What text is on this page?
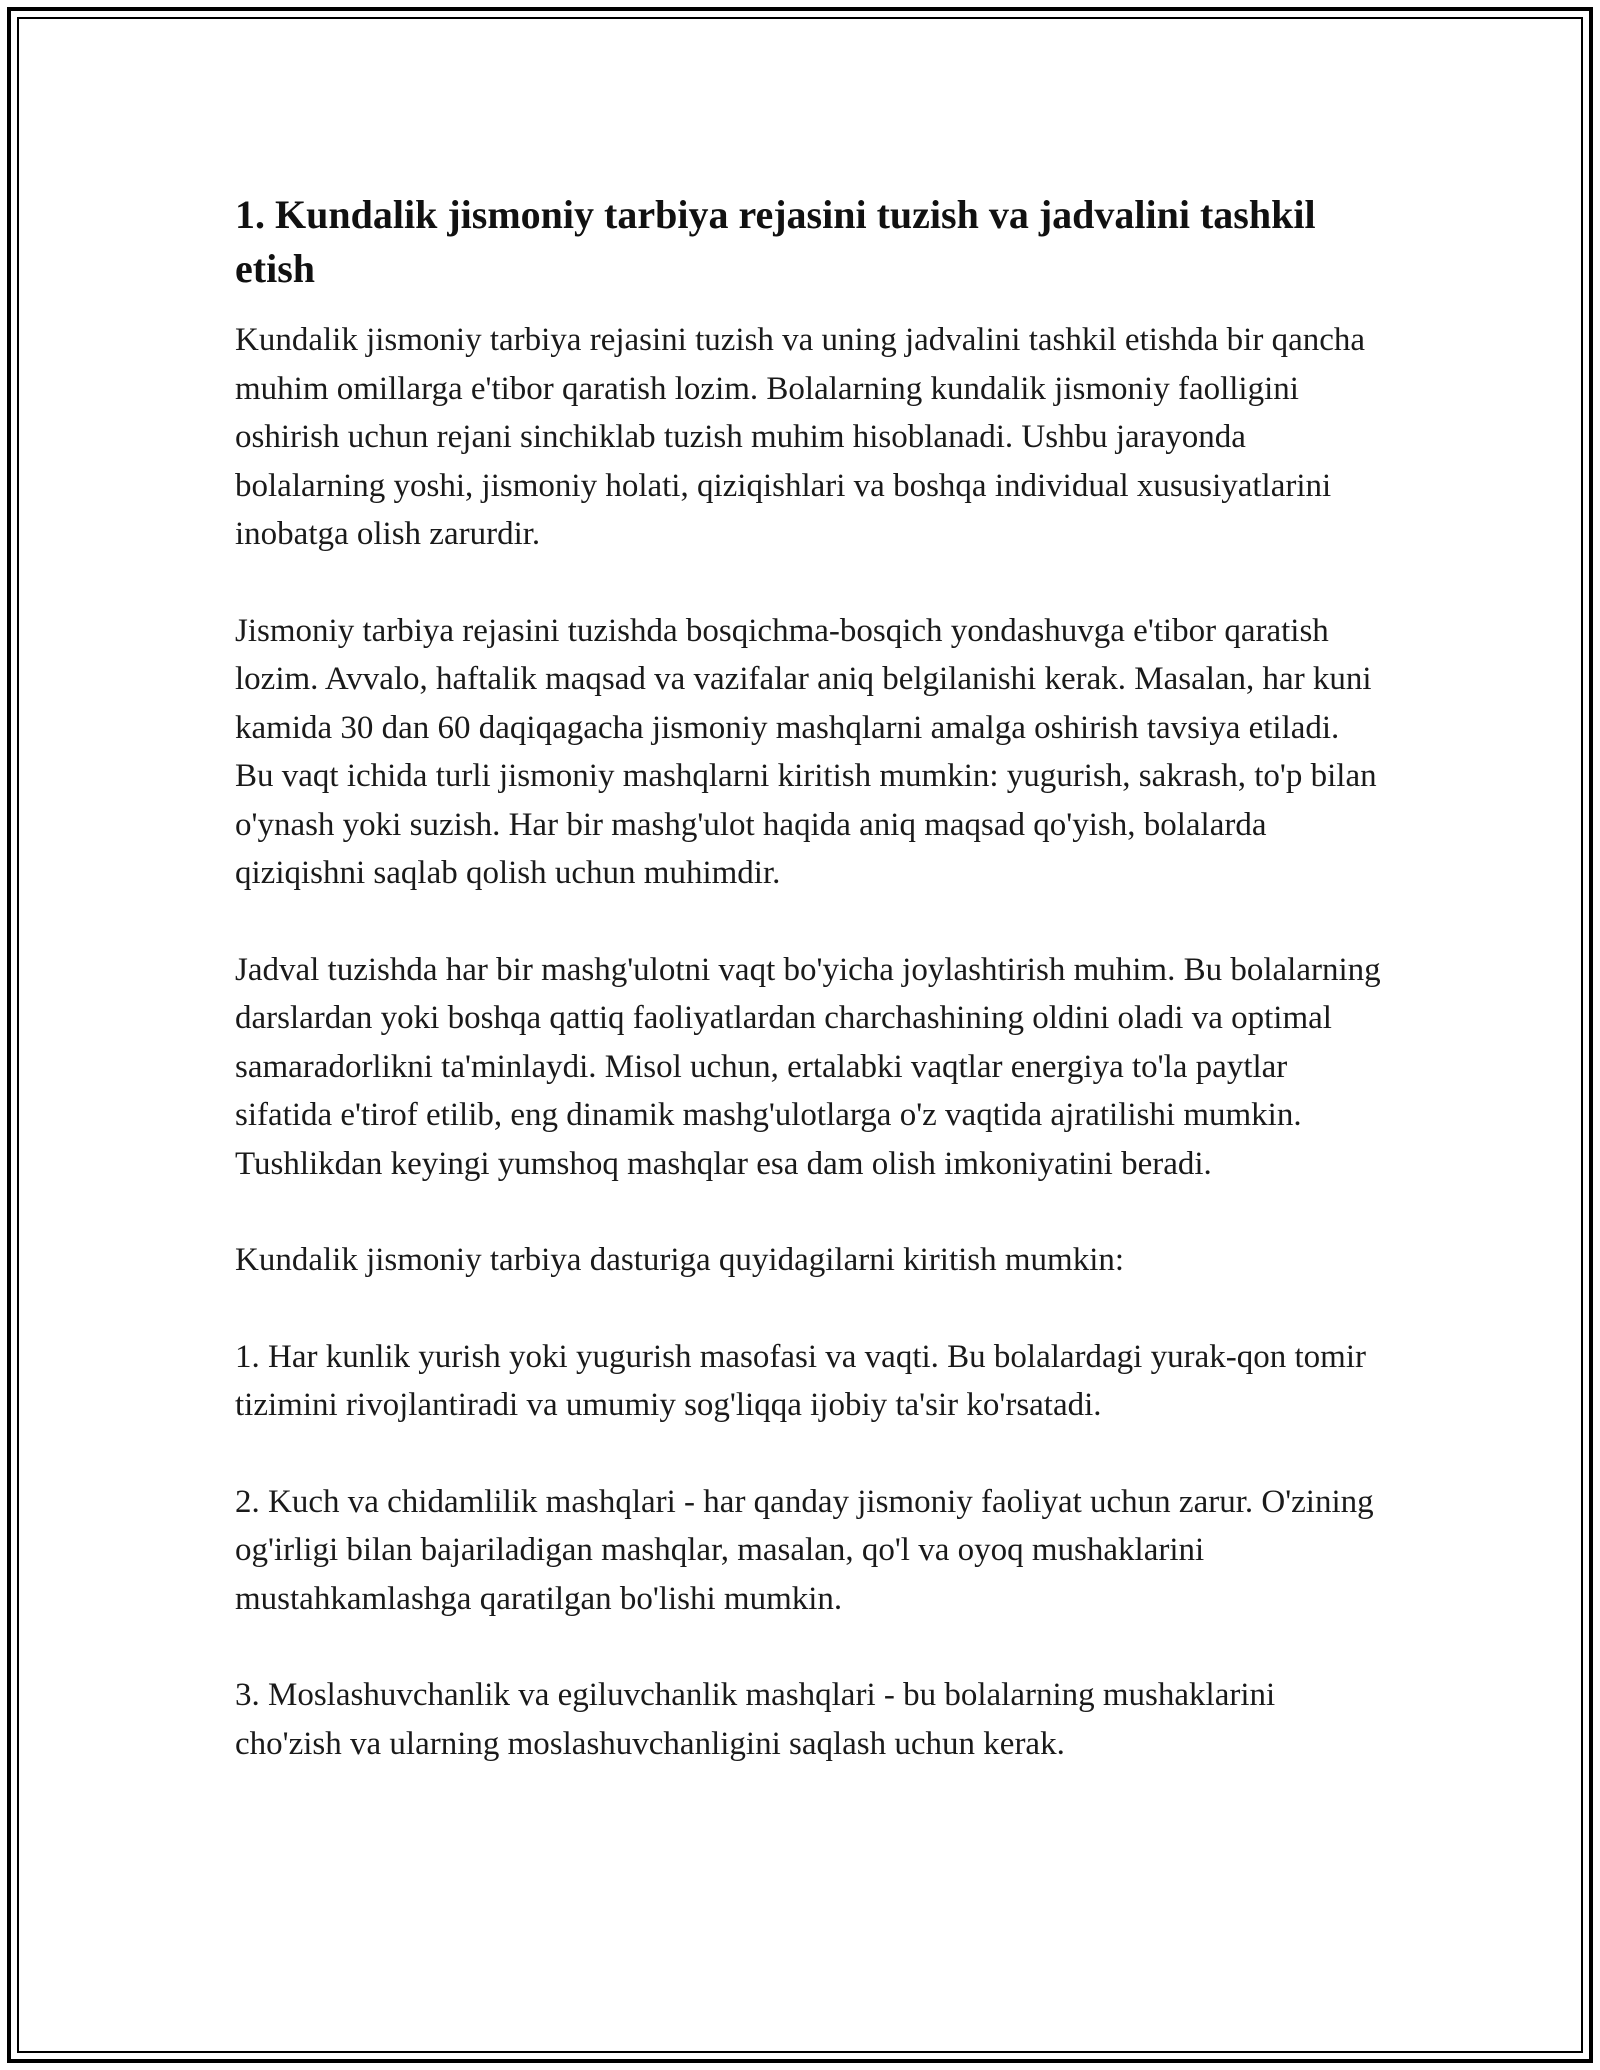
1. Kundalik jismoniy tarbiya rejasini tuzish va jadvalini tashkil etish

Kundalik jismoniy tarbiya rejasini tuzish va uning jadvalini tashkil etishda bir qancha muhim omillarga e'tibor qaratish lozim. Bolalarning kundalik jismoniy faolligini oshirish uchun rejani sinchiklab tuzish muhim hisoblanadi. Ushbu jarayonda bolalarning yoshi, jismoniy holati, qiziqishlari va boshqa individual xususiyatlarini inobatga olish zarurdir.

Jismoniy tarbiya rejasini tuzishda bosqichma-bosqich yondashuvga e'tibor qaratish lozim. Avvalo, haftalik maqsad va vazifalar aniq belgilanishi kerak. Masalan, har kuni kamida 30 dan 60 daqiqagacha jismoniy mashqlarni amalga oshirish tavsiya etiladi. Bu vaqt ichida turli jismoniy mashqlarni kiritish mumkin: yugurish, sakrash, to'p bilan o'ynash yoki suzish. Har bir mashg'ulot haqida aniq maqsad qo'yish, bolalarda qiziqishni saqlab qolish uchun muhimdir.

Jadval tuzishda har bir mashg'ulotni vaqt bo'yicha joylashtirish muhim. Bu bolalarning darslardan yoki boshqa qattiq faoliyatlardan charchashining oldini oladi va optimal samaradorlikni ta'minlaydi. Misol uchun, ertalabki vaqtlar energiya to'la paytlar sifatida e'tirof etilib, eng dinamik mashg'ulotlarga o'z vaqtida ajratilishi mumkin. Tushlikdan keyingi yumshoq mashqlar esa dam olish imkoniyatini beradi.

Kundalik jismoniy tarbiya dasturiga quyidagilarni kiritish mumkin:

1. Har kunlik yurish yoki yugurish masofasi va vaqti. Bu bolalardagi yurak-qon tomir tizimini rivojlantiradi va umumiy sog'liqqa ijobiy ta'sir ko'rsatadi.

2. Kuch va chidamlilik mashqlari - har qanday jismoniy faoliyat uchun zarur. O'zining og'irligi bilan bajariladigan mashqlar, masalan, qo'l va oyoq mushaklarini mustahkamlashga qaratilgan bo'lishi mumkin.

3. Moslashuvchanlik va egiluvchanlik mashqlari - bu bolalarning mushaklarini cho'zish va ularning moslashuvchanligini saqlash uchun kerak.
